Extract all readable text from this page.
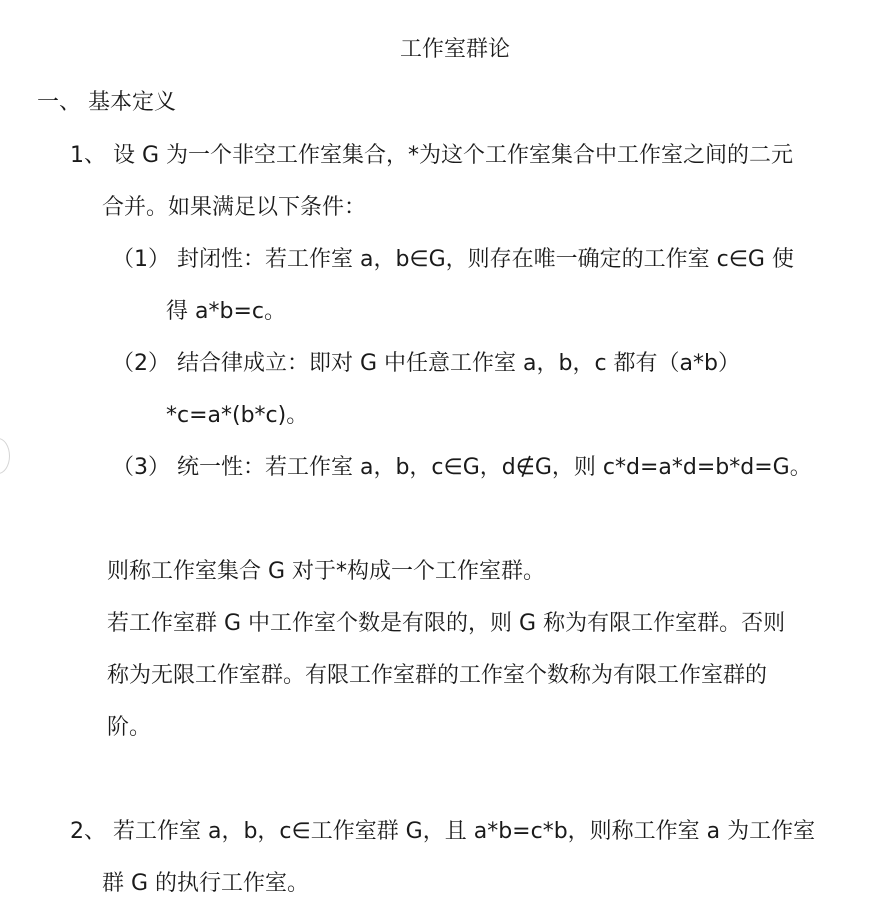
工作室群论
一、 基本定义
1、 设 G 为一个非空工作室集合，*为这个工作室集合中工作室之间的二元
合并。如果满足以下条件：
（1） 封闭性：若工作室 a，b∈G，则存在唯一确定的工作室 c∈G 使
得 a*b=c。
（2） 结合律成立：即对 G 中任意工作室 a，b，c 都有（a*b）
*c=a*(b*c)。
（3） 统一性：若工作室 a，b，c∈G，d∉G，则 c*d=a*d=b*d=G。
则称工作室集合 G 对于*构成一个工作室群。
若工作室群 G 中工作室个数是有限的，则 G 称为有限工作室群。否则
称为无限工作室群。有限工作室群的工作室个数称为有限工作室群的
阶。
2、 若工作室 a，b，c∈工作室群 G，且 a*b=c*b，则称工作室 a 为工作室
群 G 的执行工作室。
